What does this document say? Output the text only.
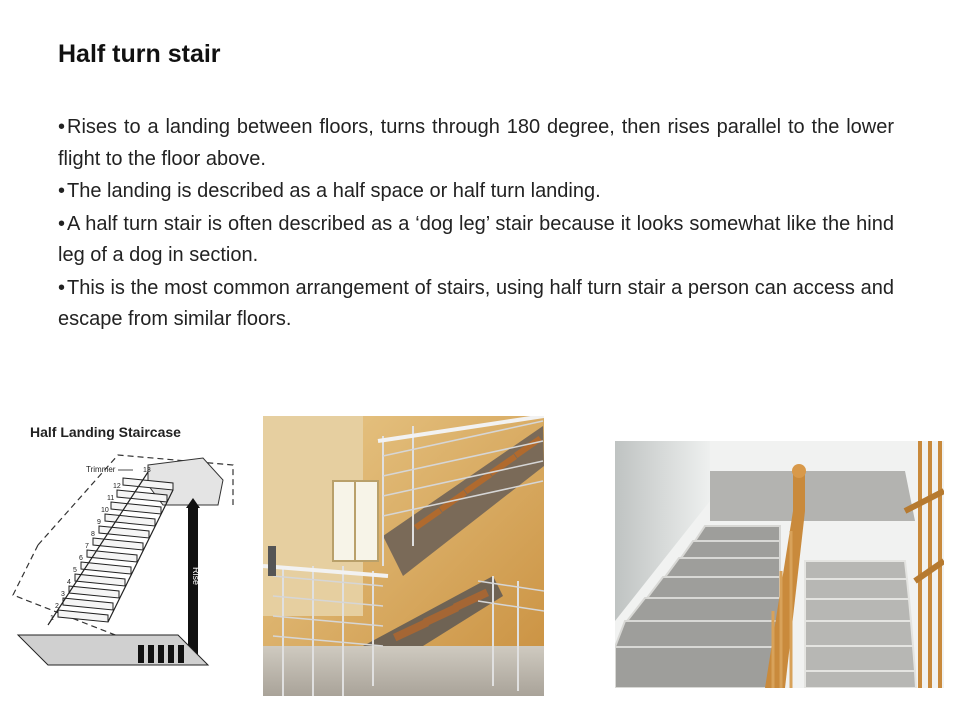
Half turn stair
• Rises to a landing between floors, turns through 180 degree, then rises parallel to the lower flight to the floor above.
• The landing is described as a half space or half turn landing.
• A half turn stair is often described as a ‘dog leg’ stair because it looks somewhat like the hind leg of a dog in section.
• This is the most common arrangement of stairs, using half turn stair a person can access and escape from similar floors.
Half Landing Staircase
Trimmer
1
2
3
4
5
6
7
8
9
10
11
12
13
Rise
